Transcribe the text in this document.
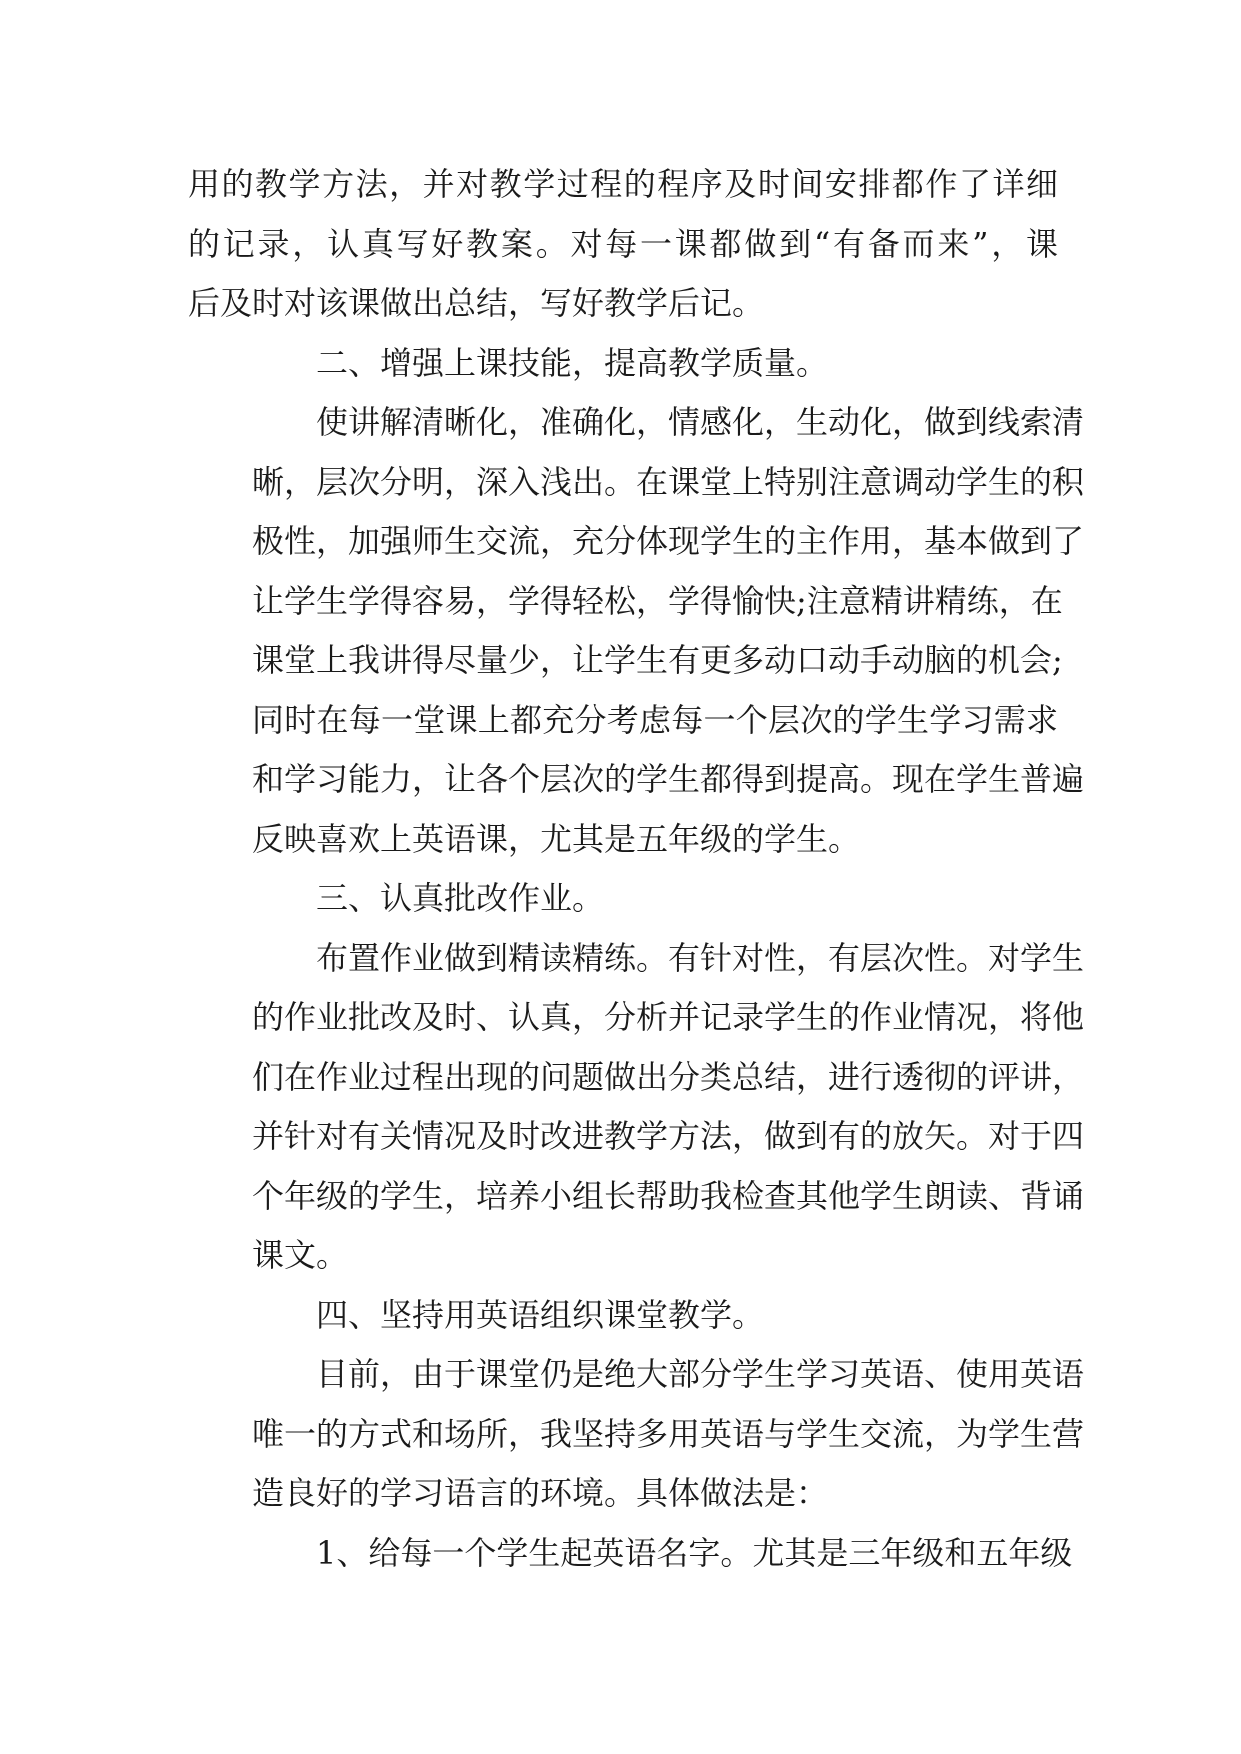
用的教学方法，并对教学过程的程序及时间安排都作了详细
的记录，认真写好教案。对每一课都做到“有备而来”，课
后及时对该课做出总结，写好教学后记。
二、增强上课技能，提高教学质量。
使讲解清晰化，准确化，情感化，生动化，做到线索清
晰，层次分明，深入浅出。在课堂上特别注意调动学生的积
极性，加强师生交流，充分体现学生的主作用，基本做到了
让学生学得容易，学得轻松，学得愉快;注意精讲精练，在
课堂上我讲得尽量少，让学生有更多动口动手动脑的机会;
同时在每一堂课上都充分考虑每一个层次的学生学习需求
和学习能力，让各个层次的学生都得到提高。现在学生普遍
反映喜欢上英语课，尤其是五年级的学生。
三、认真批改作业。
布置作业做到精读精练。有针对性，有层次性。对学生
的作业批改及时、认真，分析并记录学生的作业情况，将他
们在作业过程出现的问题做出分类总结，进行透彻的评讲，
并针对有关情况及时改进教学方法，做到有的放矢。对于四
个年级的学生，培养小组长帮助我检查其他学生朗读、背诵
课文。
四、坚持用英语组织课堂教学。
目前，由于课堂仍是绝大部分学生学习英语、使用英语
唯一的方式和场所，我坚持多用英语与学生交流，为学生营
造良好的学习语言的环境。具体做法是：
1、给每一个学生起英语名字。尤其是三年级和五年级
